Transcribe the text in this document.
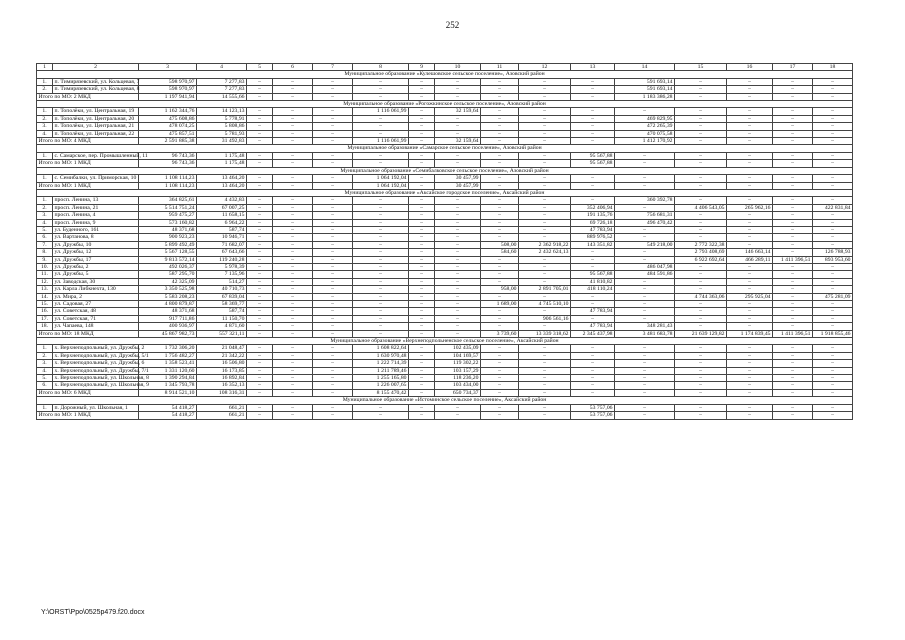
252
1	2	3	4	5	6	7	8	9	10	11	12	13	14	15	16	17	18
Муниципальное образование «Кулешовское сельское поселение», Азовский район																	
1.	п. Тимирязевский, ул. Кольцевая, 7	598 970,97	7 277,83	–	–	–	–	–	–	–	–	–	591 693,14	–	–	–	–
2.	п. Тимирязевский, ул. Кольцевая, 8	598 970,97	7 277,83	–	–	–	–	–	–	–	–	–	591 693,14	–	–	–	–
Итого по МО: 2 МКД		1 197 941,94	14 555,66	–	–	–	–	–	–	–	–	–	1 183 386,28	–	–	–	–
Муниципальное образование «Рогожкинское сельское поселение», Азовский район																	
1.	п. Тополёки, ул. Центральная, 19	1 162 344,76	14 123,13	–	–	–	1 116 061,99	–	32 159,64	–	–	–	–	–	–	–	–
2.	п. Тополёки, ул. Центральная, 20	475 608,86	5 778,91	–	–	–	–	–	–	–	–	–	469 829,95	–	–	–	–
3.	п. Тополёки, ул. Центральная, 21	478 074,25	5 808,86	–	–	–	–	–	–	–	–	–	472 265,39	–	–	–	–
4.	п. Тополёки, ул. Центральная, 22	475 857,51	5 781,93	–	–	–	–	–	–	–	–	–	470 075,58	–	–	–	–
Итого по МО: 4 МКД		2 591 885,38	31 492,83	–	–	–	1 116 061,99	–	32 159,64	–	–	–	1 412 170,92	–	–	–	–
Муниципальное образование «Самарское сельское поселение», Азовский район																	
1.	с. Самарское, пер. Промышленный, 11	96 743,36	1 175,48	–	–	–	–	–	–	–	–	95 567,88	–	–	–	–	–
Итого по МО: 1 МКД		96 743,36	1 175,48	–	–	–	–	–	–	–	–	95 567,88	–	–	–	–	–
Муниципальное образование «Семибалковское сельское поселение», Азовский район																	
1.	с. Семибалки, ул. Приморская, 10	1 108 114,23	13 464,20	–	–	–	1 064 192,04	–	30 457,99	–	–	–	–	–	–	–	–
Итого по МО: 1 МКД		1 108 114,23	13 464,20	–	–	–	1 064 192,04	–	30 457,99	–	–	–	–	–	–	–	–
Муниципальное образование «Аксайское городское поселение», Аксайский район																	
1.	просп. Ленина, 13	364 825,61	4 432,83	–	–	–	–	–	–	–	–	–	360 392,78	–	–	–	–
2.	просп. Ленина, 21	5 514 751,24	67 007,25	–	–	–	–	–	–	–	–	352 406,94	–	4 406 543,05	265 962,16	–	422 831,84
3.	просп. Ленина, 4	959 475,27	11 658,15	–	–	–	–	–	–	–	–	191 135,76	756 681,31	–	–	–	–
4.	просп. Ленина, 9	573 160,82	6 964,22	–	–	–	–	–	–	–	–	69 726,18	496 470,42	–	–	–	–
5.	ул. Буденного, 161	48 371,68	587,74	–	–	–	–	–	–	–	–	47 783,94	–	–	–	–	–
6.	ул. Вартанова, 8	900 923,23	10 946,71	–	–	–	–	–	–	–	–	889 976,52	–	–	–	–	–
7.	ул. Дружбы, 10	5 899 492,49	71 682,07	–	–	–	–	–	–	508,00	2 362 918,22	143 351,82	549 218,00	2 772 322,38	–	–	–
8.	ул. Дружбы, 12	5 567 128,55	67 643,66	–	–	–	–	–	–	584,60	2 432 624,13	–	–	2 793 408,69	146 663,14	–	126 788,93
9.	ул. Дружбы, 17	9 813 572,14	119 240,28	–	–	–	–	–	–	–	–	–	–	6 922 692,64	466 289,11	1 411 396,51	893 953,60
10.	ул. Дружбы, 2	492 026,37	5 978,39	–	–	–	–	–	–	–	–	–	486 047,98	–	–	–	–
11.	ул. Дружбы, 5	587 295,70	7 135,96	–	–	–	–	–	–	–	–	95 567,88	484 591,86	–	–	–	–
12.	ул. Заводская, 30	42 325,09	514,27	–	–	–	–	–	–	–	–	41 810,82	–	–	–	–	–
13.	ул. Карла Либкнехта, 130	3 350 525,98	40 710,73	–	–	–	–	–	–	958,00	2 891 705,01	418 110,24	–	–	–	–	–
14.	ул. Мира, 2	5 583 208,23	67 839,04	–	–	–	–	–	–	–	–	–	–	4 744 363,06	295 925,04	–	475 281,09
15.	ул. Садовая, 27	4 800 879,87	58 369,77	–	–	–	–	–	–	1 689,00	4 745 510,10	–	–	–	–	–	–
16.	ул. Советская, 48	48 371,68	587,74	–	–	–	–	–	–	–	–	47 783,94	–	–	–	–	–
17.	ул. Советская, 71	917 711,86	11 150,70	–	–	–	–	–	–	–	906 561,16	–	–	–	–	–	–
18.	ул. Чапаева, 148	400 936,97	4 871,60	–	–	–	–	–	–	–	–	47 783,94	348 281,43	–	–	–	–
Итого по МО: 18 МКД		45 867 982,73	557 321,11	–	–	–	–	–	–	3 739,60	13 339 318,62	2 345 437,98	3 481 683,78	21 639 129,82	1 174 839,45	1 411 396,51	1 918 855,46
Муниципальное образование «Верхнеподпольненское сельское поселение», Аксайский район																	
1.	х. Верхнеподпольный, ул. Дружбы, 2	1 732 306,20	21 048,47	–	–	–	1 608 822,64	–	102 435,09	–	–	–	–	–	–	–	–
2.	х. Верхнеподпольный, ул. Дружбы, 5/1	1 756 482,27	21 342,22	–	–	–	1 630 970,48	–	104 169,57	–	–	–	–	–	–	–	–
3.	х. Верхнеподпольный, ул. Дружбы, 6	1 358 523,41	16 506,80	–	–	–	1 222 714,39	–	119 302,22	–	–	–	–	–	–	–	–
4.	х. Верхнеподпольный, ул. Дружбы, 7/1	1 331 120,60	16 173,85	–	–	–	1 211 789,46	–	103 157,29	–	–	–	–	–	–	–	–
5.	х. Верхнеподпольный, ул. Школьная, 8	1 390 294,84	16 892,84	–	–	–	1 255 165,80	–	118 236,20	–	–	–	–	–	–	–	–
6.	х. Верхнеподпольный, ул. Школьная, 9	1 345 793,78	16 352,13	–	–	–	1 226 007,65	–	103 434,00	–	–	–	–	–	–	–	–
Итого по МО: 6 МКД		8 914 521,10	108 316,31	–	–	–	8 155 470,42	–	650 734,37	–	–	–	–	–	–	–	–
Муниципальное образование «Истоминское сельское поселение», Аксайский район																	
1.	п. Дорожный, ул. Школьная, 1	54 418,27	661,21	–	–	–	–	–	–	–	–	53 757,06	–	–	–	–	–
Итого по МО: 1 МКД		54 418,27	661,21	–	–	–	–	–	–	–	–	53 757,06	–	–	–	–	–
Y:\ORST\Ppo\0525p479.f20.docx
